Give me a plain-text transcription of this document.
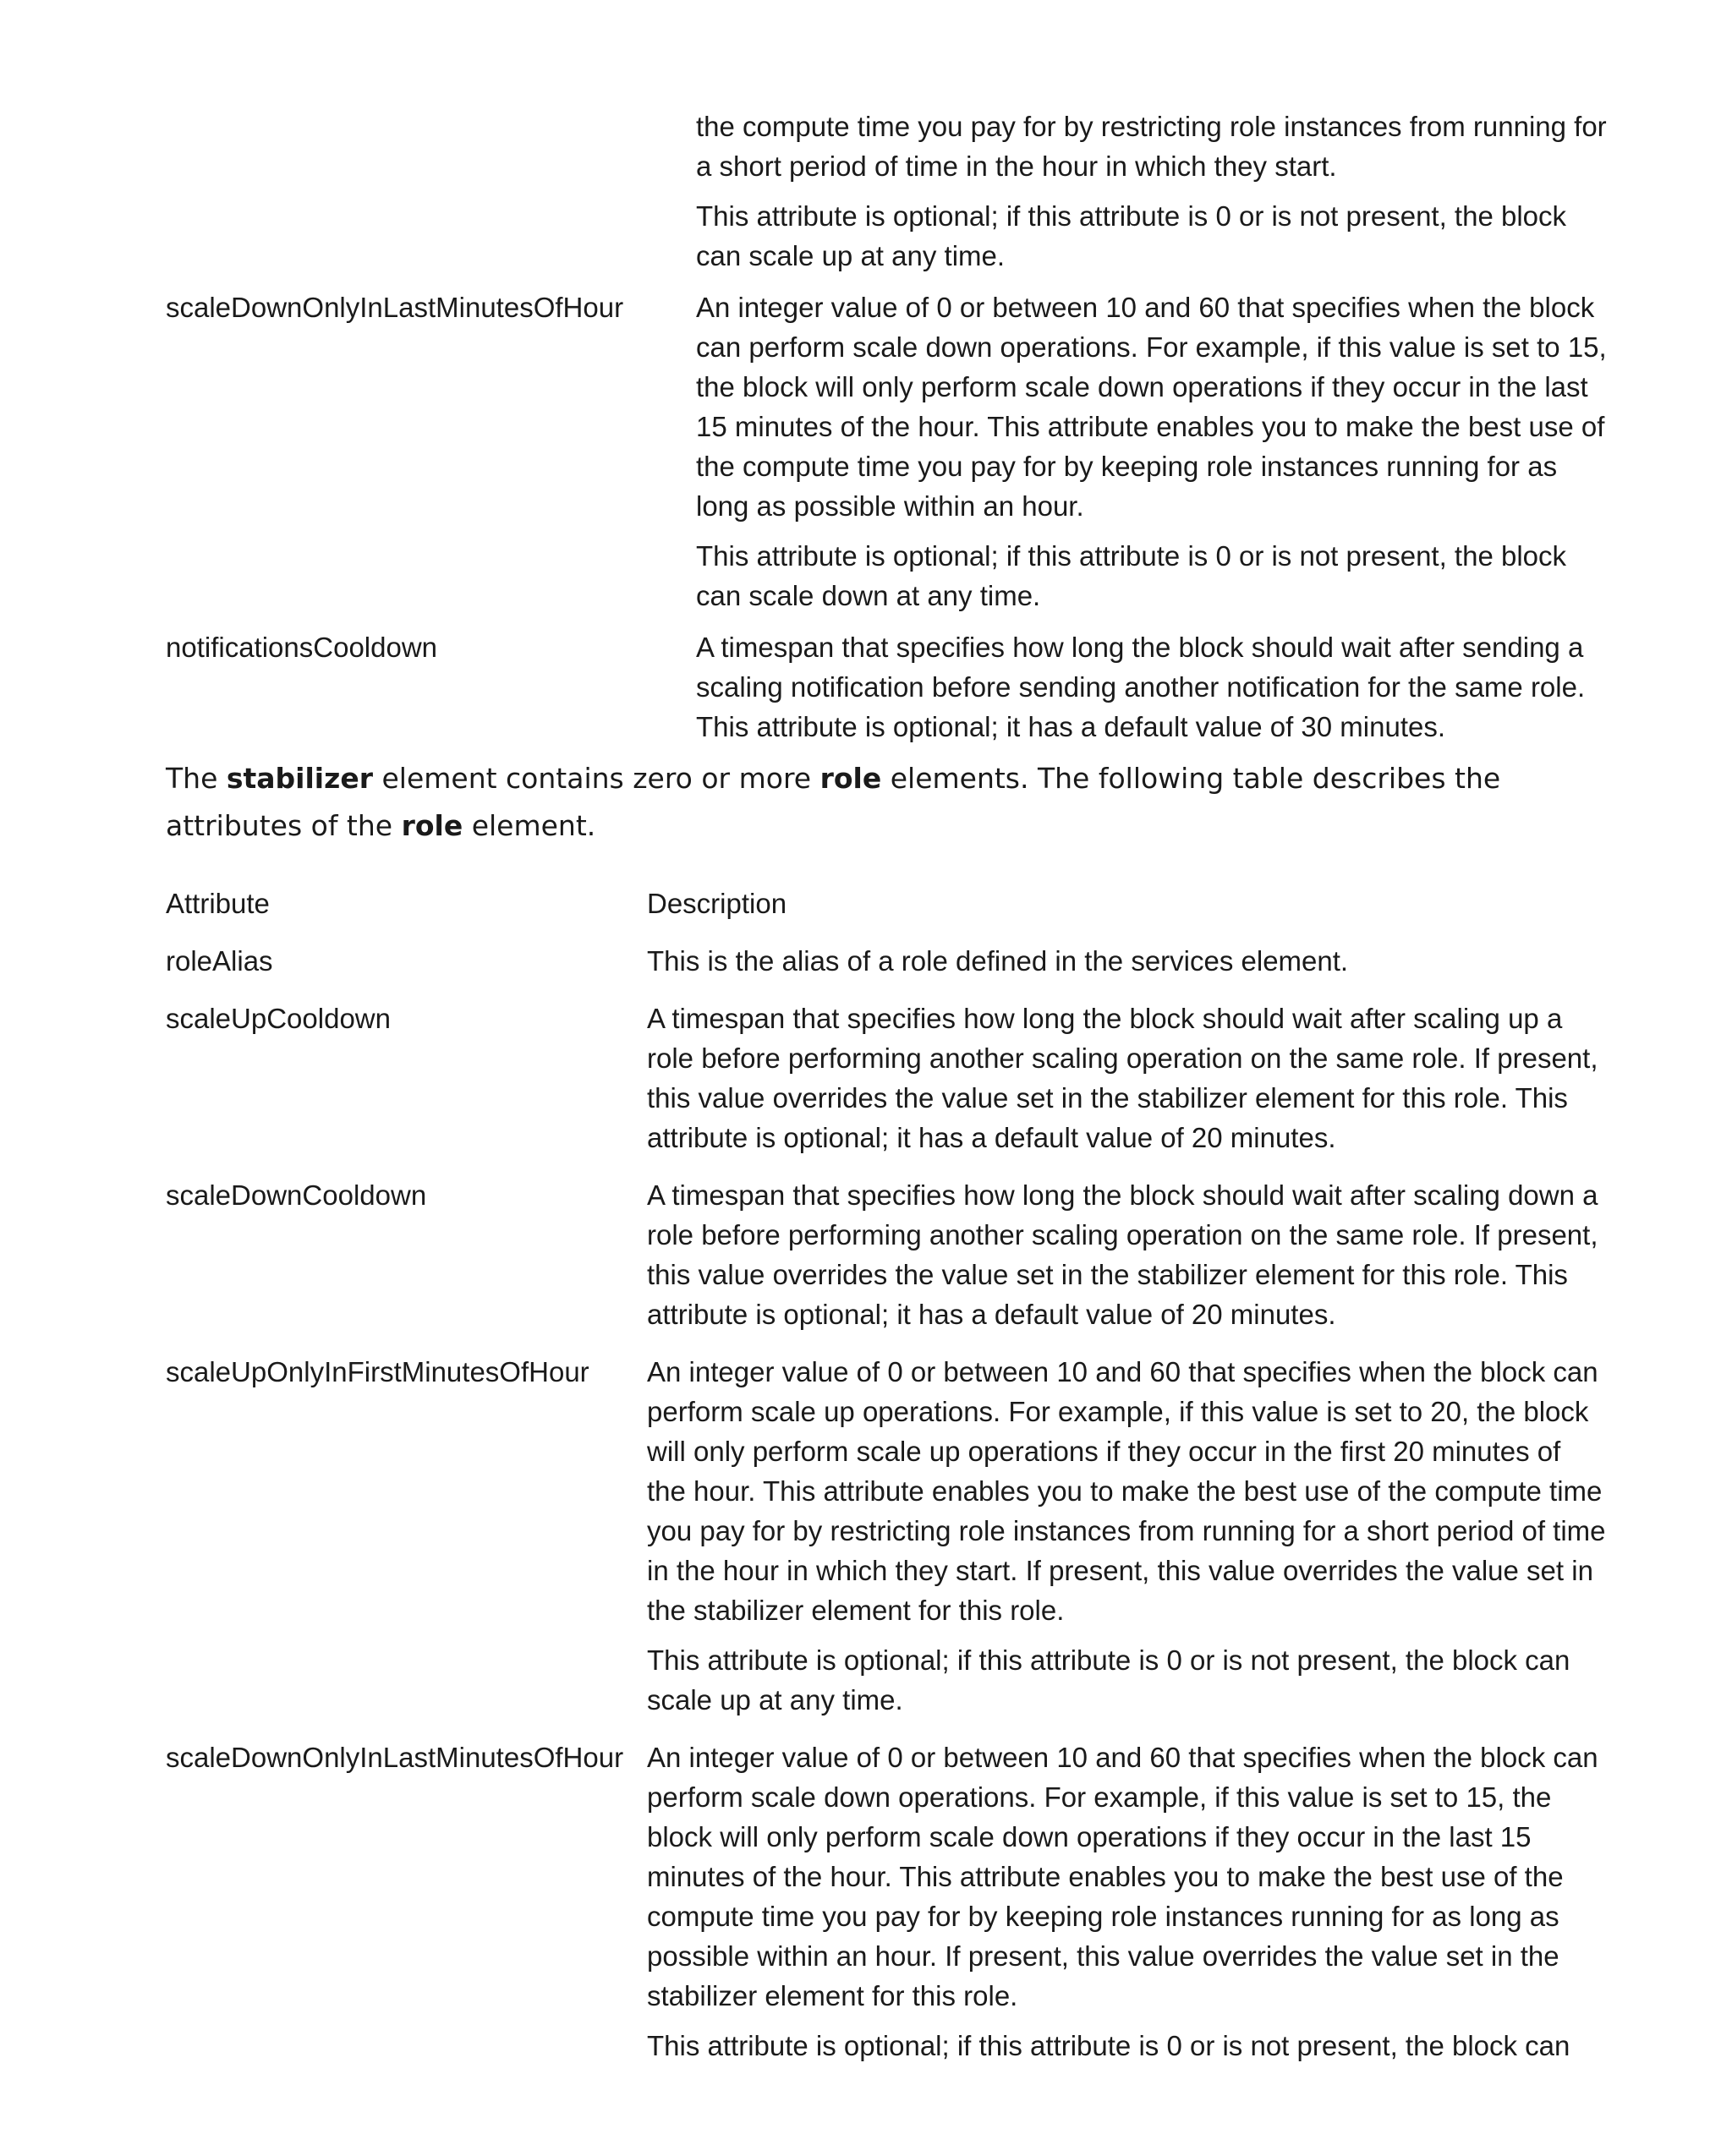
the compute time you pay for by restricting role instances from running for a short period of time in the hour in which they start.

This attribute is optional; if this attribute is 0 or is not present, the block can scale up at any time.

scaleDownOnlyInLastMinutesOfHour	An integer value of 0 or between 10 and 60 that specifies when the block can perform scale down operations. For example, if this value is set to 15, the block will only perform scale down operations if they occur in the last 15 minutes of the hour. This attribute enables you to make the best use of the compute time you pay for by keeping role instances running for as long as possible within an hour.

This attribute is optional; if this attribute is 0 or is not present, the block can scale down at any time.

notificationsCooldown	A timespan that specifies how long the block should wait after sending a scaling notification before sending another notification for the same role. This attribute is optional; it has a default value of 30 minutes.

The stabilizer element contains zero or more role elements. The following table describes the attributes of the role element.

Attribute	Description

roleAlias	This is the alias of a role defined in the services element.

scaleUpCooldown	A timespan that specifies how long the block should wait after scaling up a role before performing another scaling operation on the same role. If present, this value overrides the value set in the stabilizer element for this role. This attribute is optional; it has a default value of 20 minutes.

scaleDownCooldown	A timespan that specifies how long the block should wait after scaling down a role before performing another scaling operation on the same role. If present, this value overrides the value set in the stabilizer element for this role. This attribute is optional; it has a default value of 20 minutes.

scaleUpOnlyInFirstMinutesOfHour	An integer value of 0 or between 10 and 60 that specifies when the block can perform scale up operations. For example, if this value is set to 20, the block will only perform scale up operations if they occur in the first 20 minutes of the hour. This attribute enables you to make the best use of the compute time you pay for by restricting role instances from running for a short period of time in the hour in which they start. If present, this value overrides the value set in the stabilizer element for this role.

This attribute is optional; if this attribute is 0 or is not present, the block can scale up at any time.

scaleDownOnlyInLastMinutesOfHour An integer value of 0 or between 10 and 60 that specifies when the block can perform scale down operations. For example, if this value is set to 15, the block will only perform scale down operations if they occur in the last 15 minutes of the hour. This attribute enables you to make the best use of the compute time you pay for by keeping role instances running for as long as possible within an hour. If present, this value overrides the value set in the stabilizer element for this role.

This attribute is optional; if this attribute is 0 or is not present, the block can
